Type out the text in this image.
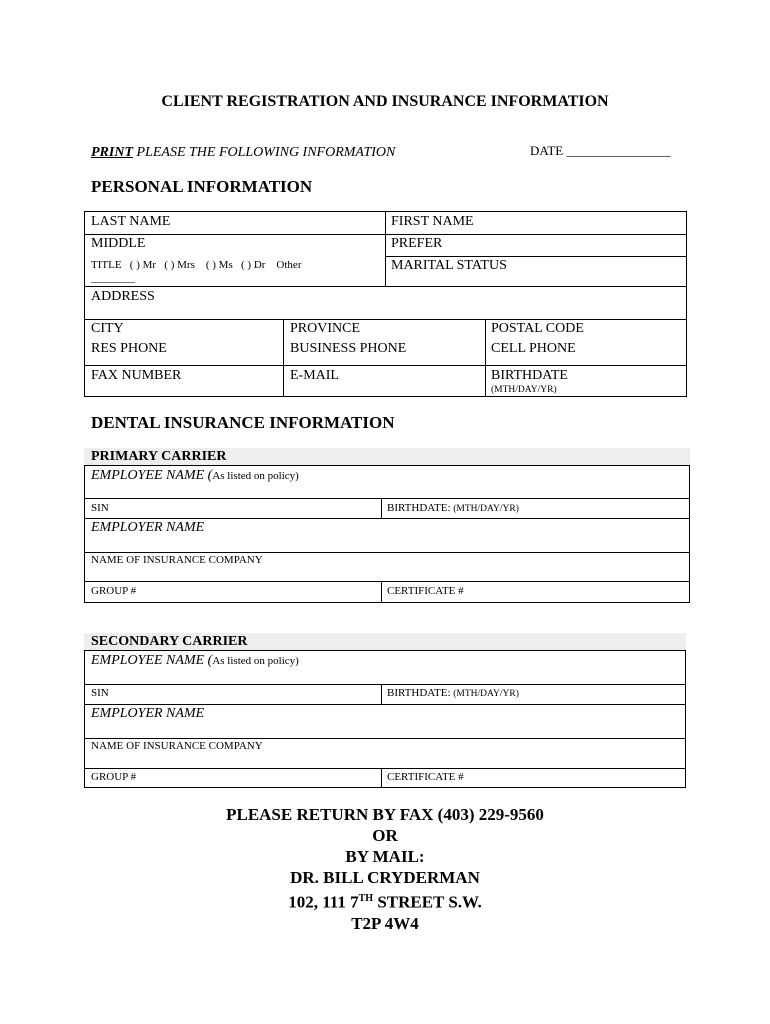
CLIENT REGISTRATION AND INSURANCE INFORMATION
PRINT PLEASE THE FOLLOWING INFORMATION	DATE ________________
PERSONAL INFORMATION
LAST NAME	FIRST NAME
MIDDLE	PREFER
TITLE   ( ) Mr   ( ) Mrs    ( ) Ms   ( ) Dr    Other
________
MARITAL STATUS
ADDRESS
CITY	PROVINCE	POSTAL CODE
RES PHONE	BUSINESS PHONE	CELL PHONE
FAX NUMBER	E-MAIL	BIRTHDATE
(MTH/DAY/YR)
DENTAL INSURANCE INFORMATION
PRIMARY CARRIER
EMPLOYEE NAME (As listed on policy)
SIN	BIRTHDATE: (MTH/DAY/YR)
EMPLOYER NAME
NAME OF INSURANCE COMPANY
GROUP #	CERTIFICATE #
SECONDARY CARRIER
EMPLOYEE NAME (As listed on policy)
SIN	BIRTHDATE: (MTH/DAY/YR)
EMPLOYER NAME
NAME OF INSURANCE COMPANY
GROUP #	CERTIFICATE #
PLEASE RETURN BY FAX (403) 229-9560
OR
BY MAIL:
DR. BILL CRYDERMAN
102, 111 7TH STREET S.W.
T2P 4W4
